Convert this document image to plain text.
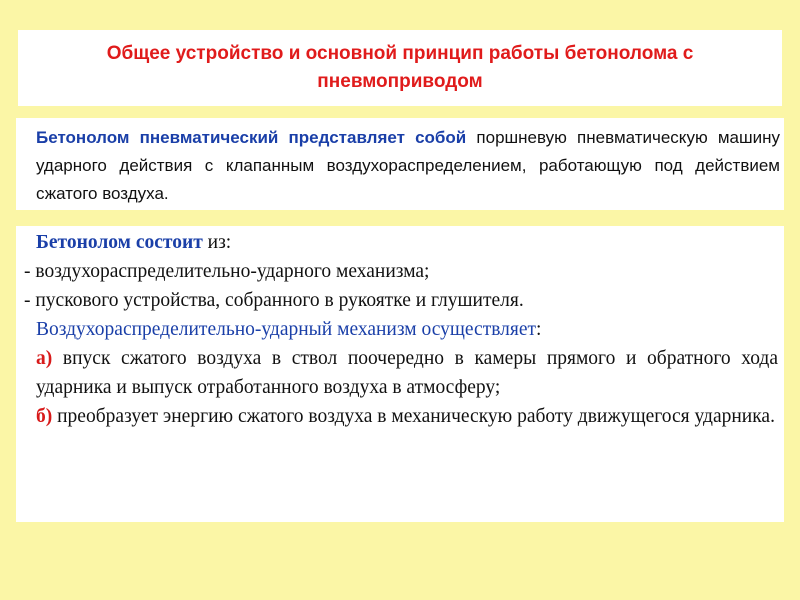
Общее устройство и основной принцип работы бетонолома с
пневмоприводом
Бетонолом пневматический представляет собой поршневую пневматическую машину ударного действия с клапанным воздухораспределением, работающую под действием сжатого воздуха.

Бетонолом состоит из:

- воздухораспределительно-ударного механизма;

- пускового устройства, собранного в рукоятке и глушителя.

Воздухораспределительно-ударный механизм осуществляет:

а) впуск сжатого воздуха в ствол поочередно в камеры прямого и обратного хода ударника и выпуск отработанного воздуха в атмосферу;

б) преобразует энергию сжатого воздуха в механическую работу движущегося ударника.
